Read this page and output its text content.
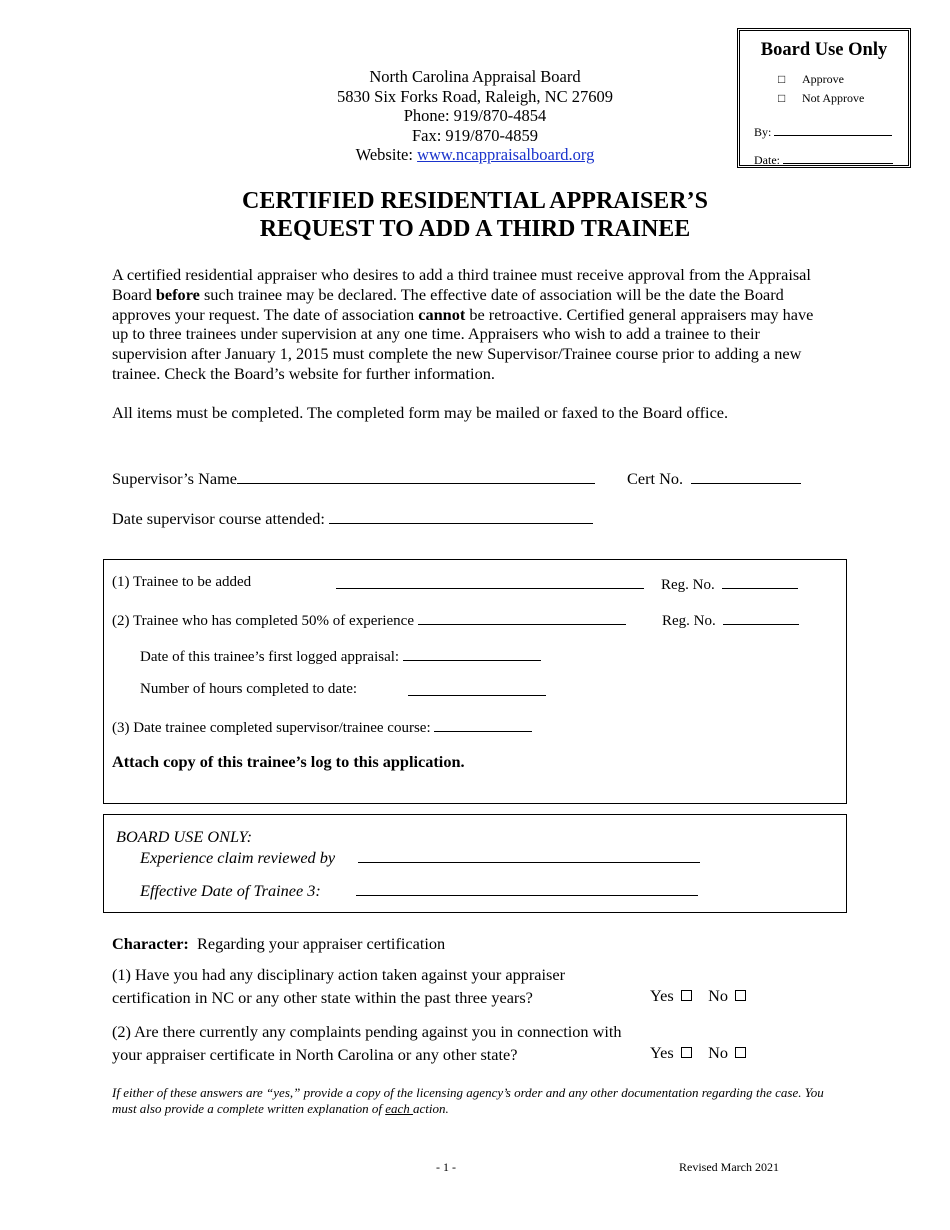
North Carolina Appraisal Board
5830 Six Forks Road, Raleigh, NC 27609
Phone: 919/870-4854
Fax: 919/870-4859
Website: www.ncappraisalboard.org
Board Use Only
□ Approve
□ Not Approve
By:
Date:
CERTIFIED RESIDENTIAL APPRAISER’S
REQUEST TO ADD A THIRD TRAINEE
A certified residential appraiser who desires to add a third trainee must receive approval from the Appraisal Board before such trainee may be declared. The effective date of association will be the date the Board approves your request. The date of association cannot be retroactive. Certified general appraisers may have up to three trainees under supervision at any one time. Appraisers who wish to add a trainee to their supervision after January 1, 2015 must complete the new Supervisor/Trainee course prior to adding a new trainee. Check the Board’s website for further information.
All items must be completed. The completed form may be mailed or faxed to the Board office.
Supervisor’s Name	Cert No.
Date supervisor course attended:
(1) Trainee to be added	Reg. No.
(2) Trainee who has completed 50% of experience	Reg. No.
Date of this trainee’s first logged appraisal:
Number of hours completed to date:
(3) Date trainee completed supervisor/trainee course:
Attach copy of this trainee’s log to this application.
BOARD USE ONLY:
Experience claim reviewed by
Effective Date of Trainee 3:
Character: Regarding your appraiser certification
(1) Have you had any disciplinary action taken against your appraiser
certification in NC or any other state within the past three years?	Yes No
(2) Are there currently any complaints pending against you in connection with
your appraiser certificate in North Carolina or any other state?	Yes No
If either of these answers are “yes,” provide a copy of the licensing agency’s order and any other documentation regarding the case. You must also provide a complete written explanation of each action.
- 1 -	Revised March 2021
